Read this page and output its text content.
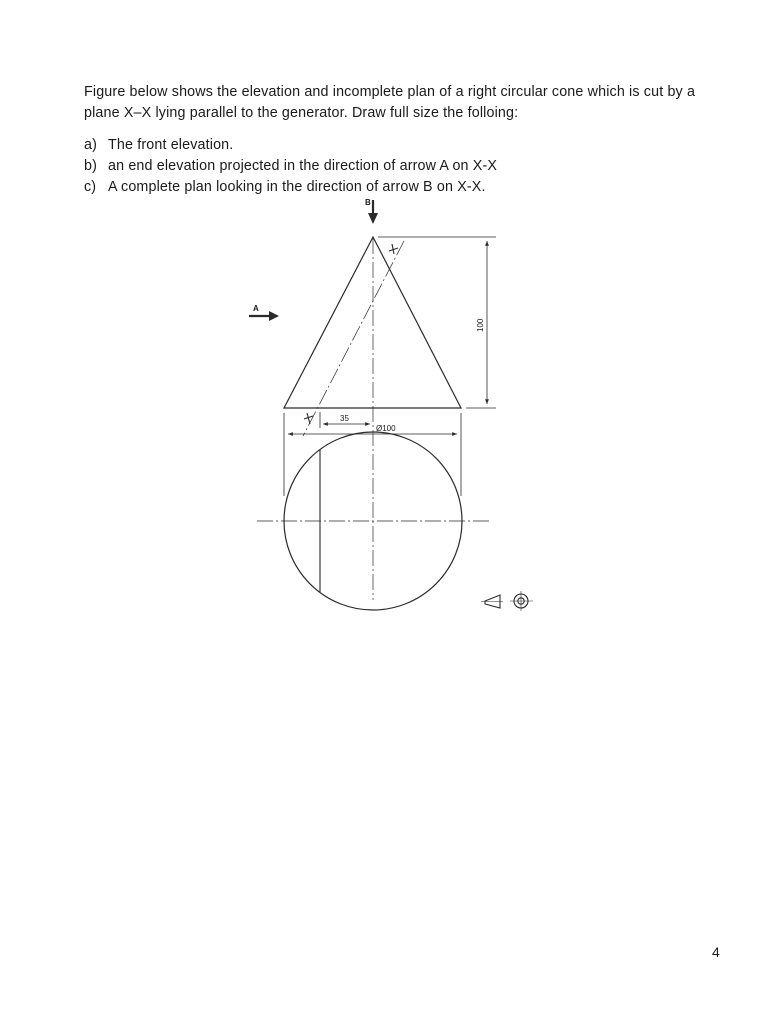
Figure below shows the elevation and incomplete plan of a right circular cone which is cut by a plane X–X lying parallel to the generator. Draw full size the folloing:

a) The front elevation.
b) an end elevation projected in the direction of arrow A on X-X
c) A complete plan looking in the direction of arrow B on X-X.
B
A
100
35
Ø100
4
